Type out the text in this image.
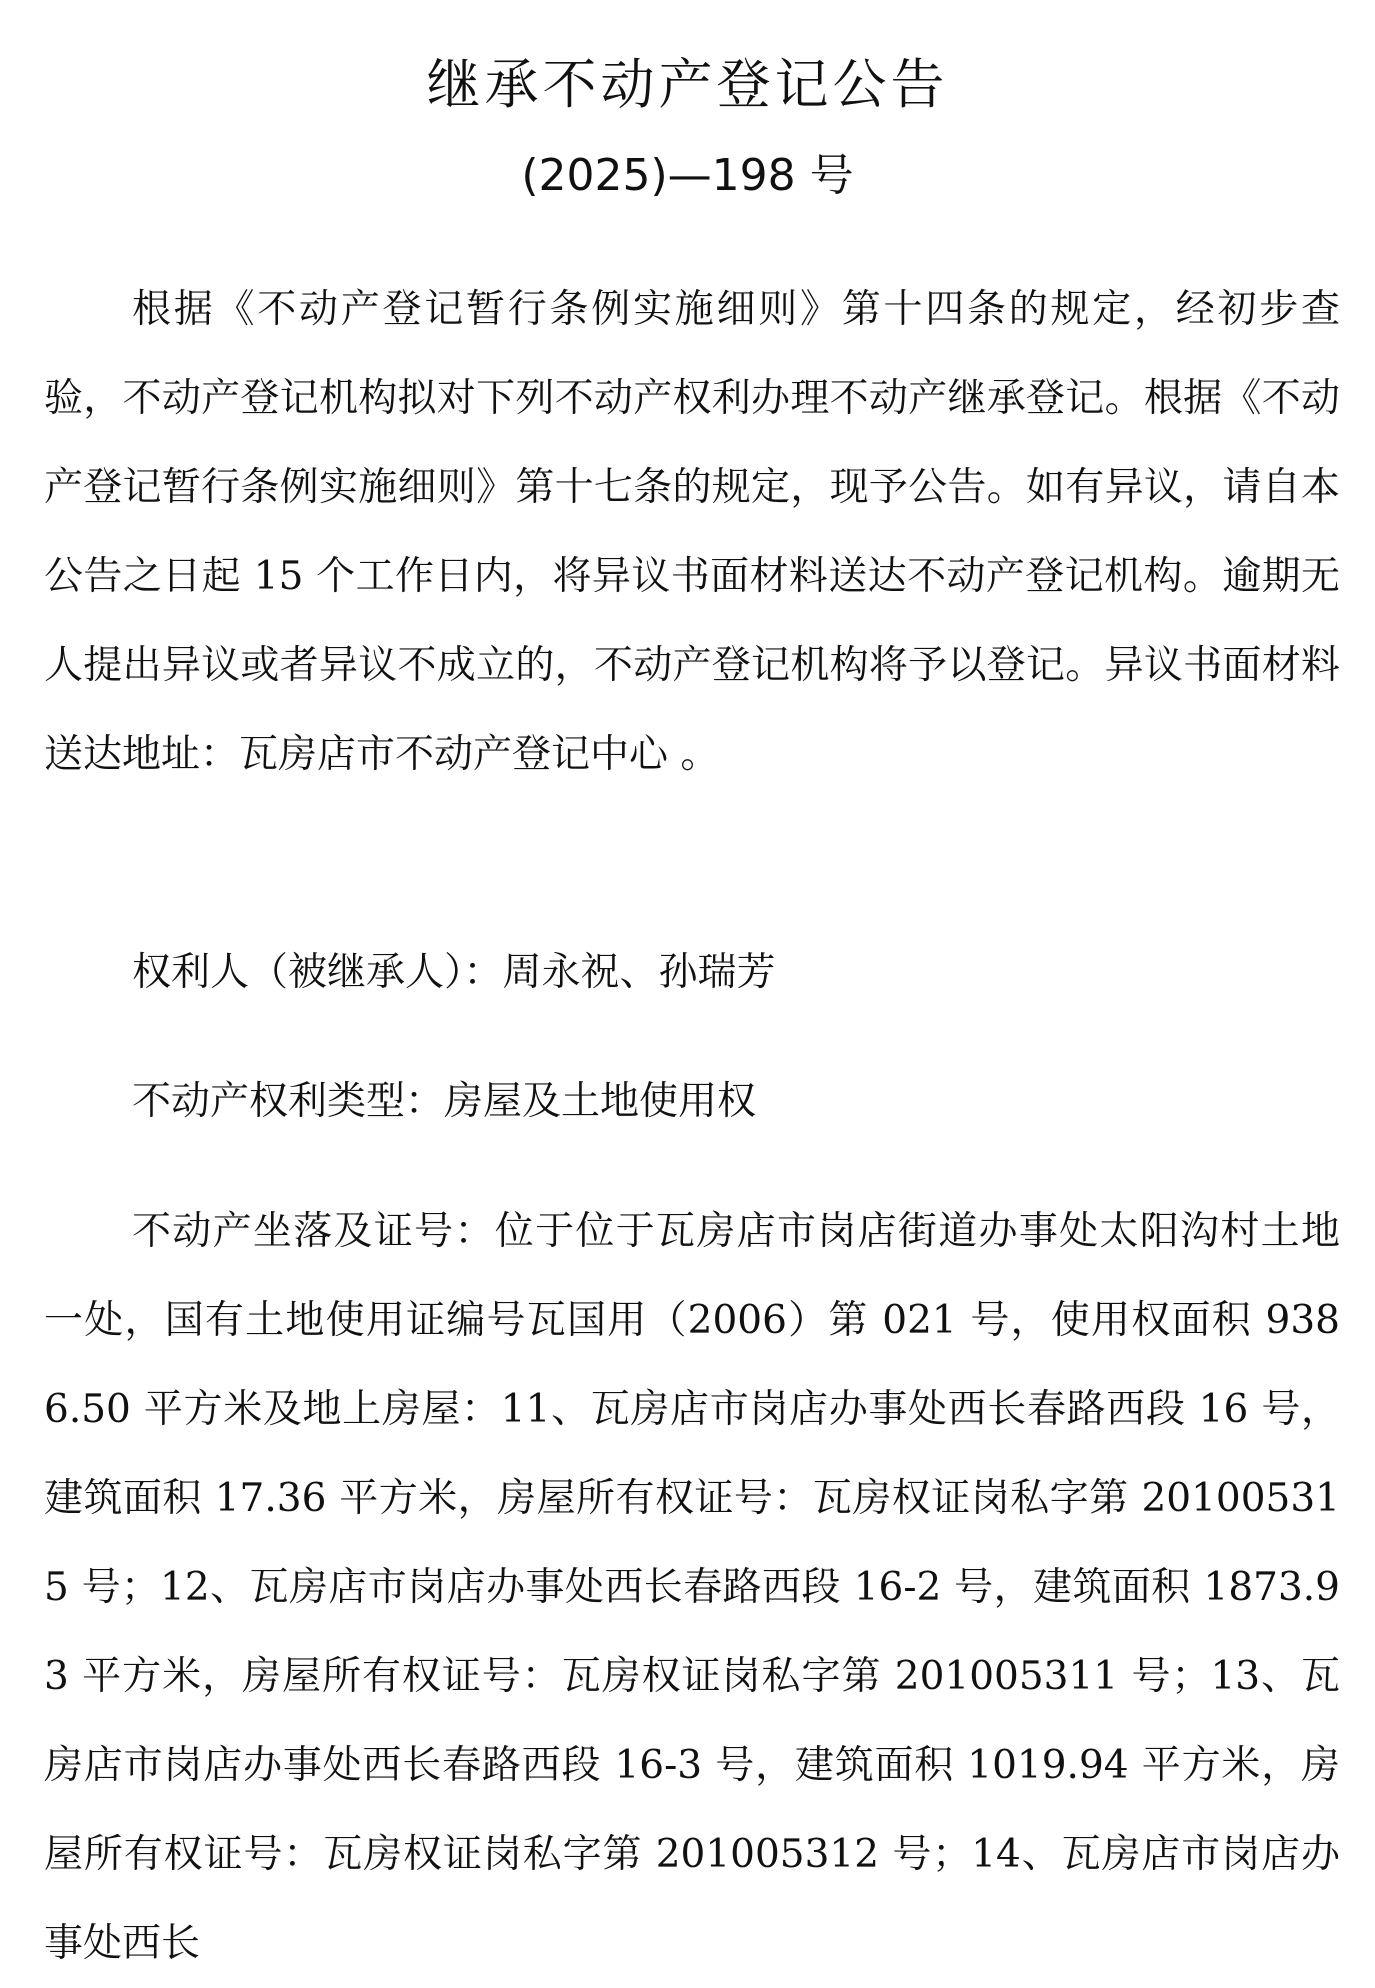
继承不动产登记公告

(2025)—198 号

根据《不动产登记暂行条例实施细则》第十四条的规定，经初步查验，不动产登记机构拟对下列不动产权利办理不动产继承登记。根据《不动产登记暂行条例实施细则》第十七条的规定，现予公告。如有异议，请自本公告之日起 15 个工作日内，将异议书面材料送达不动产登记机构。逾期无人提出异议或者异议不成立的，不动产登记机构将予以登记。异议书面材料送达地址：瓦房店市不动产登记中心 。

权利人（被继承人）：周永祝、孙瑞芳

不动产权利类型：房屋及土地使用权

不动产坐落及证号：位于位于瓦房店市岗店街道办事处太阳沟村土地一处，国有土地使用证编号瓦国用（2006）第 021 号，使用权面积 9386.50 平方米及地上房屋：11、瓦房店市岗店办事处西长春路西段 16 号，建筑面积 17.36 平方米，房屋所有权证号：瓦房权证岗私字第 201005315 号；12、瓦房店市岗店办事处西长春路西段 16-2 号，建筑面积 1873.93 平方米，房屋所有权证号：瓦房权证岗私字第 201005311 号；13、瓦房店市岗店办事处西长春路西段 16-3 号，建筑面积 1019.94 平方米，房屋所有权证号：瓦房权证岗私字第 201005312 号；14、瓦房店市岗店办事处西长
